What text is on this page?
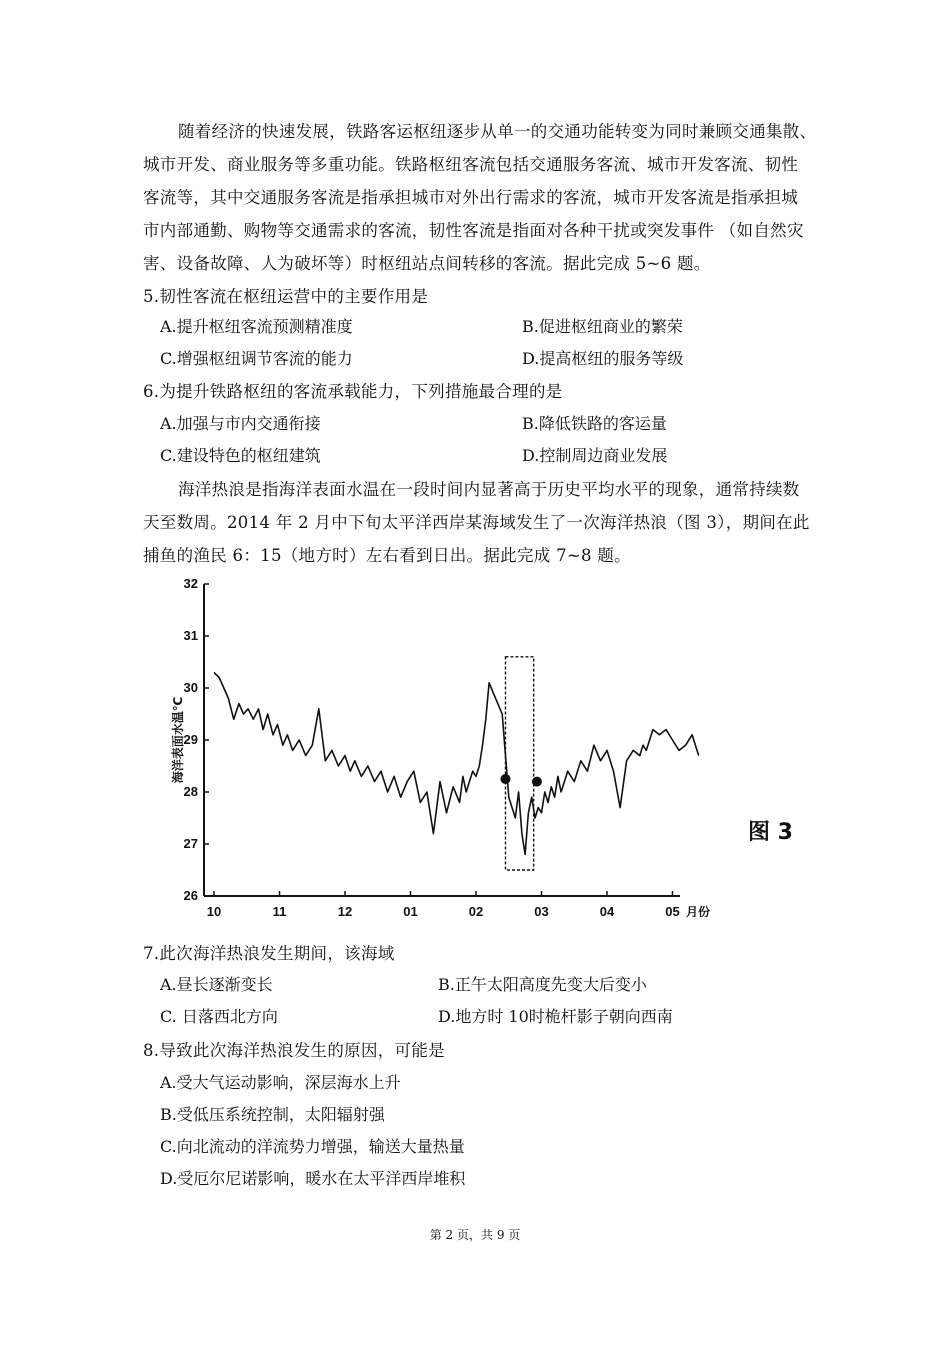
随着经济的快速发展，铁路客运枢纽逐步从单一的交通功能转变为同时兼顾交通集散、
城市开发、商业服务等多重功能。铁路枢纽客流包括交通服务客流、城市开发客流、韧性
客流等，其中交通服务客流是指承担城市对外出行需求的客流，城市开发客流是指承担城
市内部通勤、购物等交通需求的客流，韧性客流是指面对各种干扰或突发事件 （如自然灾
害、设备故障、人为破坏等）时枢纽站点间转移的客流。据此完成 5~6 题。
5.韧性客流在枢纽运营中的主要作用是
A.提升枢纽客流预测精准度	B.促进枢纽商业的繁荣
C.增强枢纽调节客流的能力	D.提高枢纽的服务等级
6.为提升铁路枢纽的客流承载能力，下列措施最合理的是
A.加强与市内交通衔接	B.降低铁路的客运量
C.建设特色的枢纽建筑	D.控制周边商业发展
海洋热浪是指海洋表面水温在一段时间内显著高于历史平均水平的现象，通常持续数
天至数周。2014 年 2 月中下旬太平洋西岸某海域发生了一次海洋热浪（图 3），期间在此
捕鱼的渔民 6：15（地方时）左右看到日出。据此完成 7~8 题。
26
27
28
29
30
31
32
10	11	12	01	02	03	04	05 月份
海洋表面水温℃
图 3
7.此次海洋热浪发生期间，该海域
A.昼长逐渐变长	B.正午太阳高度先变大后变小
C. 日落西北方向	D.地方时 10时桅杆影子朝向西南
8.导致此次海洋热浪发生的原因，可能是
A.受大气运动影响，深层海水上升
B.受低压系统控制，太阳辐射强
C.向北流动的洋流势力增强，输送大量热量
D.受厄尔尼诺影响，暖水在太平洋西岸堆积
第 2 页，共 9 页
